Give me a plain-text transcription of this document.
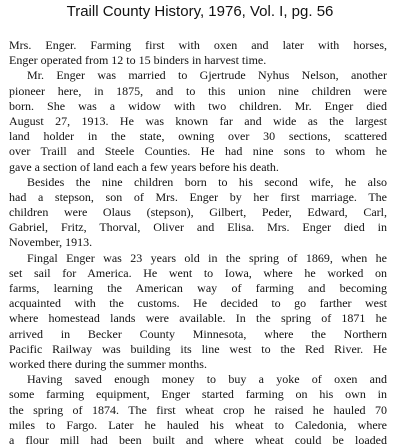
Traill County History, 1976, Vol. I, pg. 56
Mrs. Enger. Farming first with oxen and later with horses,
Enger operated from 12 to 15 binders in harvest time.
Mr. Enger was married to Gjertrude Nyhus Nelson, another
pioneer here, in 1875, and to this union nine children were
born. She was a widow with two children. Mr. Enger died
August 27, 1913. He was known far and wide as the largest
land holder in the state, owning over 30 sections, scattered
over Traill and Steele Counties. He had nine sons to whom he
gave a section of land each a few years before his death.
Besides the nine children born to his second wife, he also
had a stepson, son of Mrs. Enger by her first marriage. The
children were Olaus (stepson), Gilbert, Peder, Edward, Carl,
Gabriel, Fritz, Thorval, Oliver and Elisa. Mrs. Enger died in
November, 1913.
Fingal Enger was 23 years old in the spring of 1869, when he
set sail for America. He went to Iowa, where he worked on
farms, learning the American way of farming and becoming
acquainted with the customs. He decided to go farther west
where homestead lands were available. In the spring of 1871 he
arrived in Becker County Minnesota, where the Northern
Pacific Railway was building its line west to the Red River. He
worked there during the summer months.
Having saved enough money to buy a yoke of oxen and
some farming equipment, Enger started farming on his own in
the spring of 1874. The first wheat crop he raised he hauled 70
miles to Fargo. Later he hauled his wheat to Caledonia, where
a flour mill had been built and where wheat could be loaded
